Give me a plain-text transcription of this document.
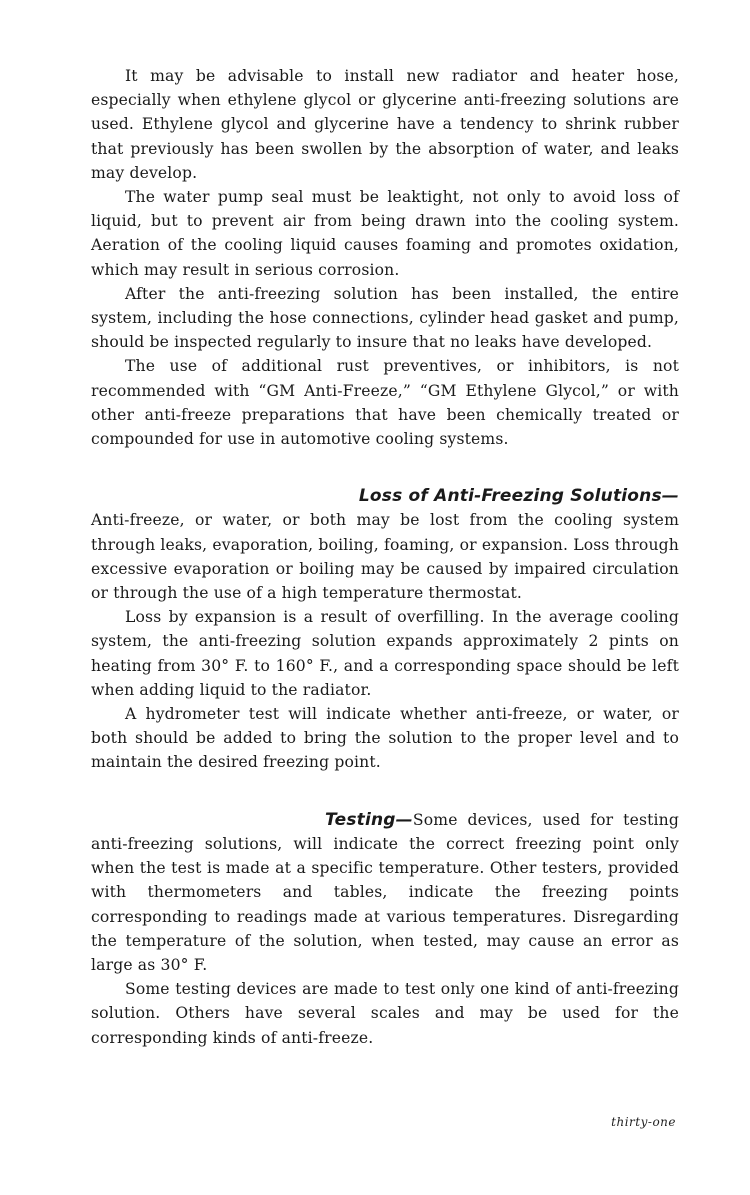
It may be advisable to install new radiator and heater hose, especially when ethylene glycol or glycerine anti-freezing solutions are used. Ethylene glycol and glycerine have a tendency to shrink rubber that previously has been swollen by the absorption of water, and leaks may develop.

The water pump seal must be leaktight, not only to avoid loss of liquid, but to prevent air from being drawn into the cooling system. Aeration of the cooling liquid causes foaming and promotes oxidation, which may result in serious corrosion.

After the anti-freezing solution has been installed, the entire system, including the hose connections, cylinder head gasket and pump, should be inspected regularly to insure that no leaks have developed.

The use of additional rust preventives, or inhibitors, is not recommended with “GM Anti-Freeze,” “GM Ethylene Glycol,” or with other anti-freeze preparations that have been chemically treated or compounded for use in automotive cooling systems.

Loss of Anti-Freezing Solutions—

Anti-freeze, or water, or both may be lost from the cooling system through leaks, evaporation, boiling, foaming, or expansion. Loss through excessive evaporation or boiling may be caused by impaired circulation or through the use of a high temperature thermostat.

Loss by expansion is a result of overfilling. In the average cooling system, the anti-freezing solution expands approximately 2 pints on heating from 30° F. to 160° F., and a corresponding space should be left when adding liquid to the radiator.

A hydrometer test will indicate whether anti-freeze, or water, or both should be added to bring the solution to the proper level and to maintain the desired freezing point.

Testing—Some devices, used for testing anti-freezing solutions, will indicate the correct freezing point only when the test is made at a specific temperature. Other testers, provided with thermometers and tables, indicate the freezing points corresponding to readings made at various temperatures. Disregarding the temperature of the solution, when tested, may cause an error as large as 30° F.

Some testing devices are made to test only one kind of anti-freezing solution. Others have several scales and may be used for the corresponding kinds of anti-freeze.

thirty-one
